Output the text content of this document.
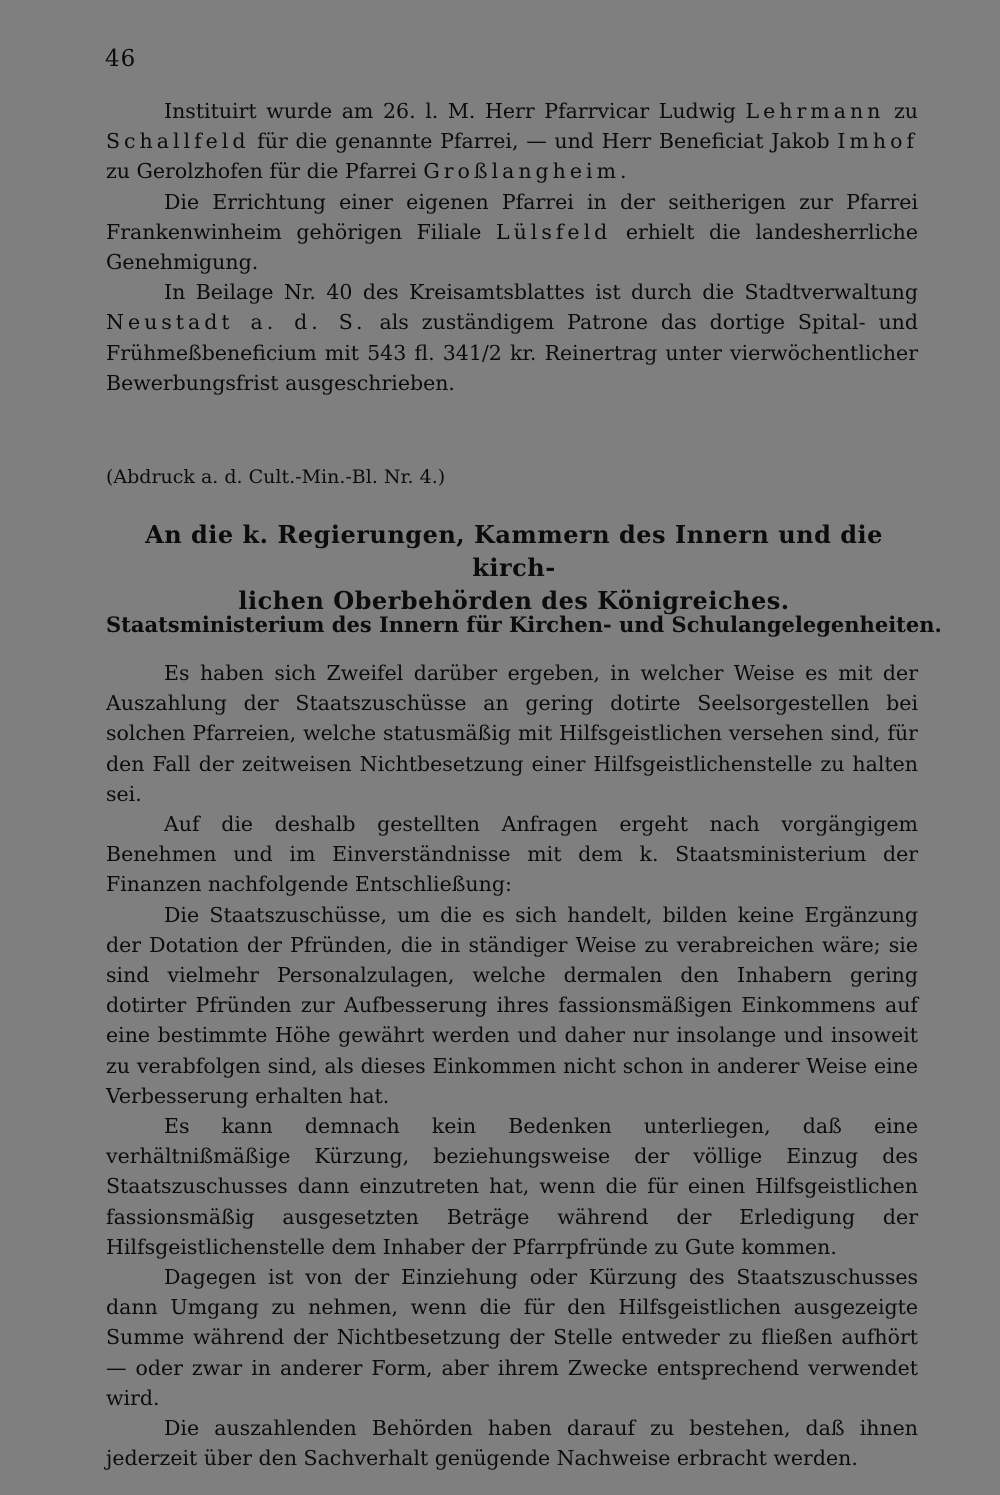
46

Instituirt wurde am 26. l. M. Herr Pfarrvicar Ludwig Lehrmann zu Schallfeld für die genannte Pfarrei, — und Herr Beneficiat Jakob Imhof zu Gerolzhofen für die Pfarrei Großlangheim.

Die Errichtung einer eigenen Pfarrei in der seitherigen zur Pfarrei Frankenwinheim gehörigen Filiale Lülsfeld erhielt die landesherrliche Genehmigung.

In Beilage Nr. 40 des Kreisamtsblattes ist durch die Stadtverwaltung Neustadt a. d. S. als zuständigem Patrone das dortige Spital- und Frühmeßbeneficium mit 543 fl. 341/2 kr. Reinertrag unter vierwöchentlicher Bewerbungsfrist ausgeschrieben.

(Abdruck a. d. Cult.-Min.-Bl. Nr. 4.)
An die k. Regierungen, Kammern des Innern und die kirch-
lichen Oberbehörden des Königreiches.
Staatsministerium des Innern für Kirchen- und Schulangelegenheiten.

Es haben sich Zweifel darüber ergeben, in welcher Weise es mit der Auszahlung der Staatszuschüsse an gering dotirte Seelsorgestellen bei solchen Pfarreien, welche statusmäßig mit Hilfsgeistlichen versehen sind, für den Fall der zeitweisen Nichtbesetzung einer Hilfsgeistlichenstelle zu halten sei.

Auf die deshalb gestellten Anfragen ergeht nach vorgängigem Benehmen und im Einverständnisse mit dem k. Staatsministerium der Finanzen nachfolgende Entschließung:

Die Staatszuschüsse, um die es sich handelt, bilden keine Ergänzung der Dotation der Pfründen, die in ständiger Weise zu verabreichen wäre; sie sind vielmehr Personalzulagen, welche dermalen den Inhabern gering dotirter Pfründen zur Aufbesserung ihres fassionsmäßigen Einkommens auf eine bestimmte Höhe gewährt werden und daher nur insolange und insoweit zu verabfolgen sind, als dieses Einkommen nicht schon in anderer Weise eine Verbesserung erhalten hat.

Es kann demnach kein Bedenken unterliegen, daß eine verhältnißmäßige Kürzung, beziehungsweise der völlige Einzug des Staatszuschusses dann einzutreten hat, wenn die für einen Hilfsgeistlichen fassionsmäßig ausgesetzten Beträge während der Erledigung der Hilfsgeistlichenstelle dem Inhaber der Pfarrpfründe zu Gute kommen.

Dagegen ist von der Einziehung oder Kürzung des Staatszuschusses dann Umgang zu nehmen, wenn die für den Hilfsgeistlichen ausgezeigte Summe während der Nichtbesetzung der Stelle entweder zu fließen aufhört — oder zwar in anderer Form, aber ihrem Zwecke entsprechend verwendet wird.

Die auszahlenden Behörden haben darauf zu bestehen, daß ihnen jederzeit über den Sachverhalt genügende Nachweise erbracht werden.
